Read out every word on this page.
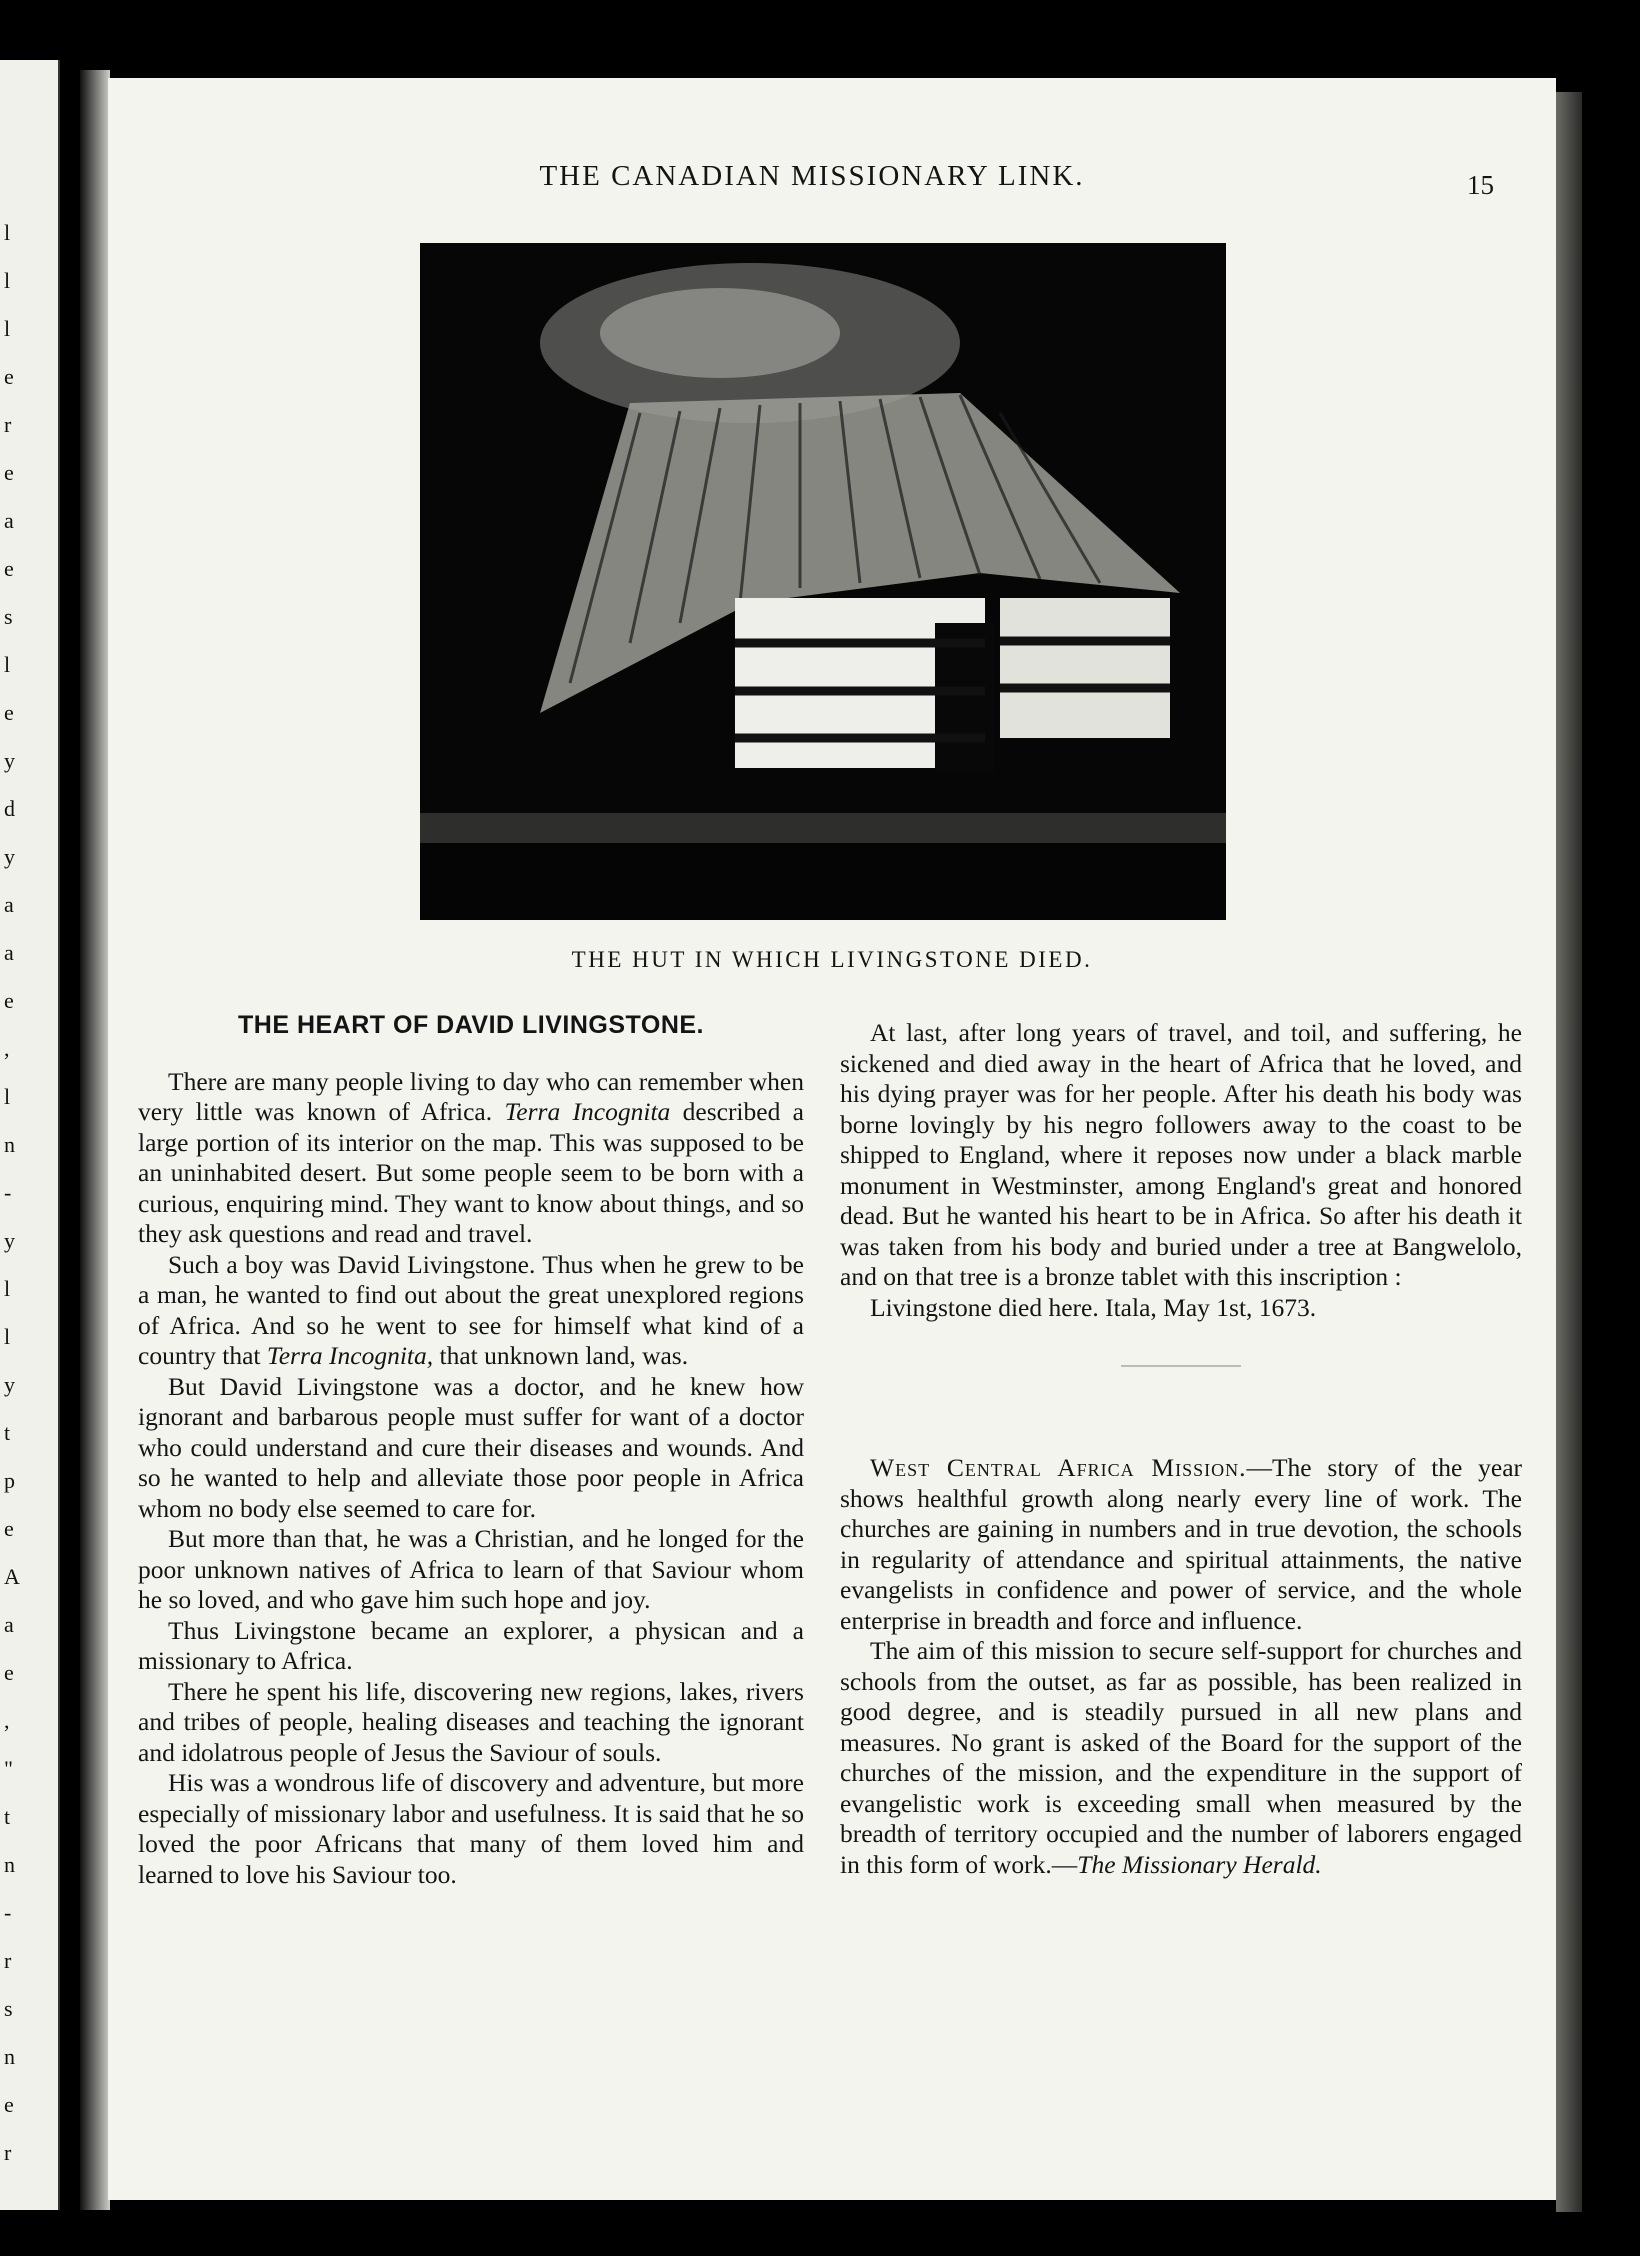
l
l
l
e
r
e
a
e
s
l
e
y
d
y
a
a
e
,
l
n
-
y
l
l
y
t
p
e
A
a
e
,
"
t
n
-
r
s
n
e
r
THE CANADIAN MISSIONARY LINK.	15
THE HUT IN WHICH LIVINGSTONE DIED.
THE HEART OF DAVID LIVINGSTONE.

There are many people living to day who can remember when very little was known of Africa. Terra Incognita described a large portion of its interior on the map. This was supposed to be an uninhabited desert. But some people seem to be born with a curious, enquiring mind. They want to know about things, and so they ask questions and read and travel.

Such a boy was David Livingstone. Thus when he grew to be a man, he wanted to find out about the great unexplored regions of Africa. And so he went to see for himself what kind of a country that Terra Incognita, that unknown land, was.

But David Livingstone was a doctor, and he knew how ignorant and barbarous people must suffer for want of a doctor who could understand and cure their diseases and wounds. And so he wanted to help and alleviate those poor people in Africa whom no body else seemed to care for.

But more than that, he was a Christian, and he longed for the poor unknown natives of Africa to learn of that Saviour whom he so loved, and who gave him such hope and joy.

Thus Livingstone became an explorer, a physican and a missionary to Africa.

There he spent his life, discovering new regions, lakes, rivers and tribes of people, healing diseases and teaching the ignorant and idolatrous people of Jesus the Saviour of souls.

His was a wondrous life of discovery and adventure, but more especially of missionary labor and usefulness. It is said that he so loved the poor Africans that many of them loved him and learned to love his Saviour too.

At last, after long years of travel, and toil, and suffering, he sickened and died away in the heart of Africa that he loved, and his dying prayer was for her people. After his death his body was borne lovingly by his negro followers away to the coast to be shipped to England, where it reposes now under a black marble monument in Westminster, among England's great and honored dead. But he wanted his heart to be in Africa. So after his death it was taken from his body and buried under a tree at Bangwelolo, and on that tree is a bronze tablet with this inscription :

Livingstone died here. Itala, May 1st, 1673.

West Central Africa Mission.—The story of the year shows healthful growth along nearly every line of work. The churches are gaining in numbers and in true devotion, the schools in regularity of attendance and spiritual attainments, the native evangelists in confidence and power of service, and the whole enterprise in breadth and force and influence.

The aim of this mission to secure self-support for churches and schools from the outset, as far as possible, has been realized in good degree, and is steadily pursued in all new plans and measures. No grant is asked of the Board for the support of the churches of the mission, and the expenditure in the support of evangelistic work is exceeding small when measured by the breadth of territory occupied and the number of laborers engaged in this form of work.—The Missionary Herald.
